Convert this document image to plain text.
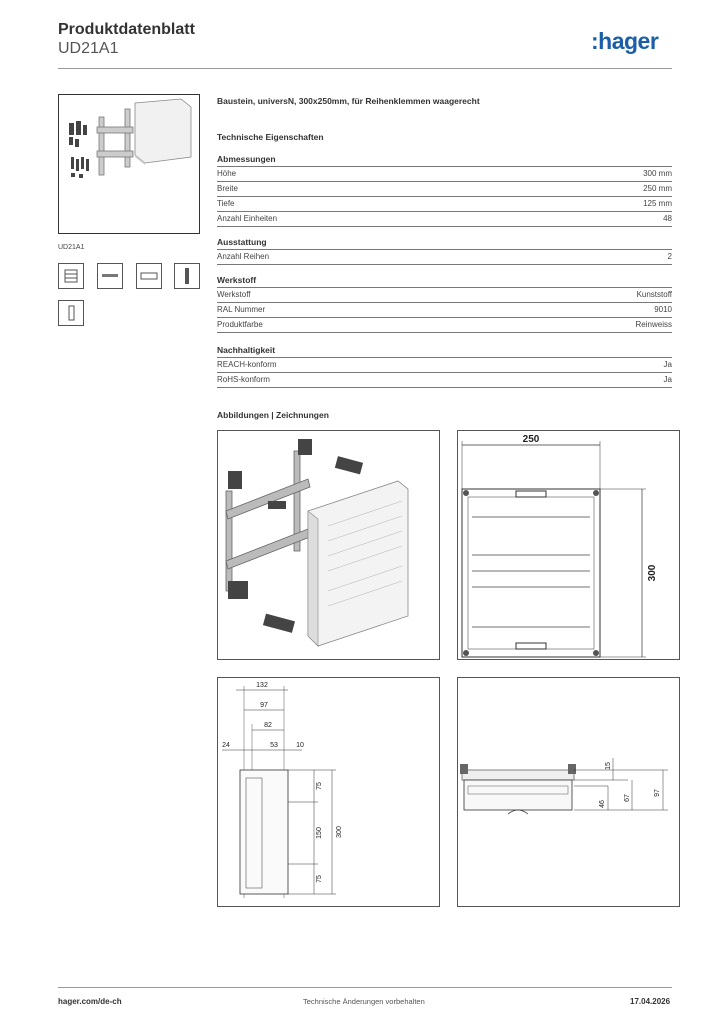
Produktdatenblatt
UD21A1	:hager
UD21A1
Baustein, universN, 300x250mm, für Reihenklemmen waagerecht
Technische Eigenschaften
Abmessungen
Höhe	300 mm
Breite	250 mm
Tiefe	125 mm
Anzahl Einheiten	48
Ausstattung
Anzahl Reihen	2
Werkstoff
Werkstoff	Kunststoff
RAL Nummer	9010
Produktfarbe	Reinweiss
Nachhaltigkeit
REACH-konform	Ja
RoHS-konform	Ja
Abbildungen | Zeichnungen
250
300
132
97
82
24	53	10
75
150
75
300
15
46
67
97
hager.com/de-ch	Technische Änderungen vorbehalten	17.04.2026
